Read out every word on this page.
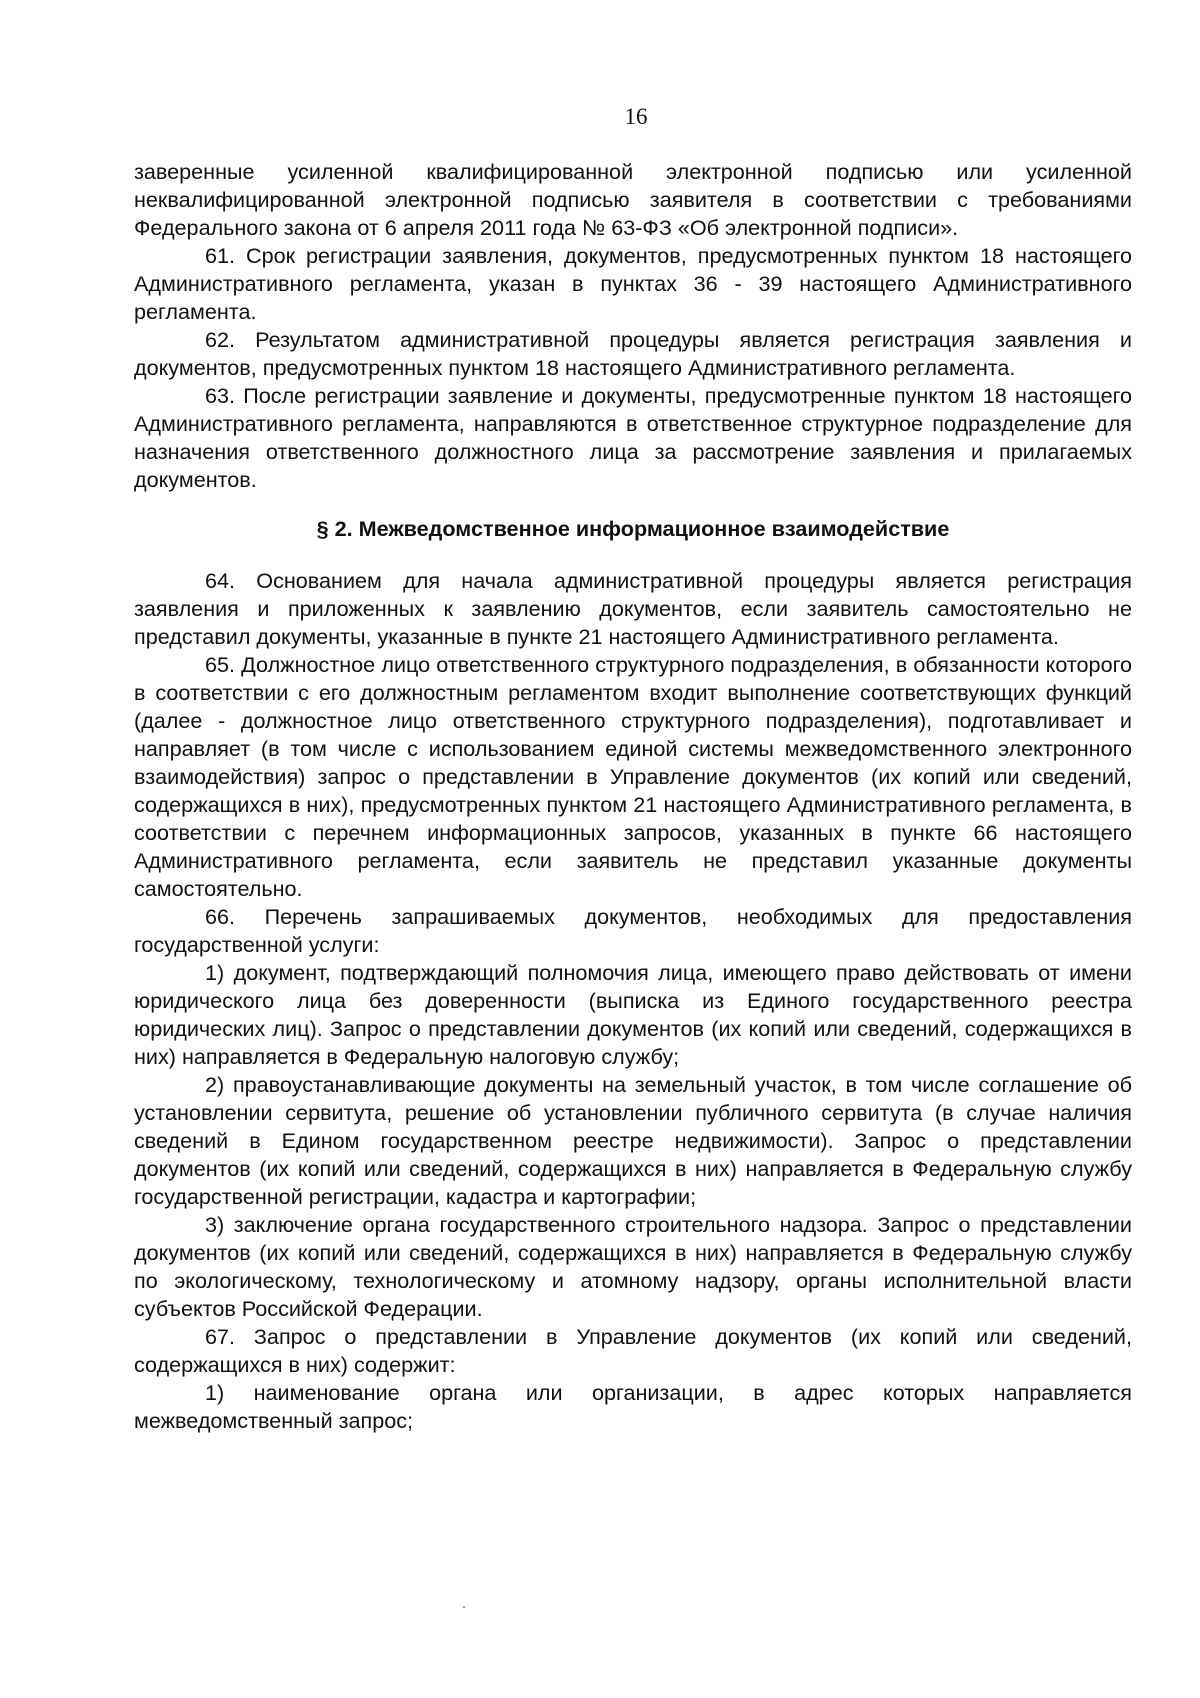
16

заверенные усиленной квалифицированной электронной подписью или усиленной неквалифицированной электронной подписью заявителя в соответствии с требованиями Федерального закона от 6 апреля 2011 года № 63-ФЗ «Об электронной подписи».

61. Срок регистрации заявления, документов, предусмотренных пунктом 18 настоящего Административного регламента, указан в пунктах 36 - 39 настоящего Административного регламента.

62. Результатом административной процедуры является регистрация заявления и документов, предусмотренных пунктом 18 настоящего Административного регламента.

63. После регистрации заявление и документы, предусмотренные пунктом 18 настоящего Административного регламента, направляются в ответственное структурное подразделение для назначения ответственного должностного лица за рассмотрение заявления и прилагаемых документов.

§ 2. Межведомственное информационное взаимодействие

64. Основанием для начала административной процедуры является регистрация заявления и приложенных к заявлению документов, если заявитель самостоятельно не представил документы, указанные в пункте 21 настоящего Административного регламента.

65. Должностное лицо ответственного структурного подразделения, в обязанности которого в соответствии с его должностным регламентом входит выполнение соответствующих функций (далее - должностное лицо ответственного структурного подразделения), подготавливает и направляет (в том числе с использованием единой системы межведомственного электронного взаимодействия) запрос о представлении в Управление документов (их копий или сведений, содержащихся в них), предусмотренных пунктом 21 настоящего Административного регламента, в соответствии с перечнем информационных запросов, указанных в пункте 66 настоящего Административного регламента, если заявитель не представил указанные документы самостоятельно.

66. Перечень запрашиваемых документов, необходимых для предоставления государственной услуги:

1) документ, подтверждающий полномочия лица, имеющего право действовать от имени юридического лица без доверенности (выписка из Единого государственного реестра юридических лиц). Запрос о представлении документов (их копий или сведений, содержащихся в них) направляется в Федеральную налоговую службу;

2) правоустанавливающие документы на земельный участок, в том числе соглашение об установлении сервитута, решение об установлении публичного сервитута (в случае наличия сведений в Едином государственном реестре недвижимости). Запрос о представлении документов (их копий или сведений, содержащихся в них) направляется в Федеральную службу государственной регистрации, кадастра и картографии;

3) заключение органа государственного строительного надзора. Запрос о представлении документов (их копий или сведений, содержащихся в них) направляется в Федеральную службу по экологическому, технологическому и атомному надзору, органы исполнительной власти субъектов Российской Федерации.

67. Запрос о представлении в Управление документов (их копий или сведений, содержащихся в них) содержит:

1) наименование органа или организации, в адрес которых направляется межведомственный запрос;
